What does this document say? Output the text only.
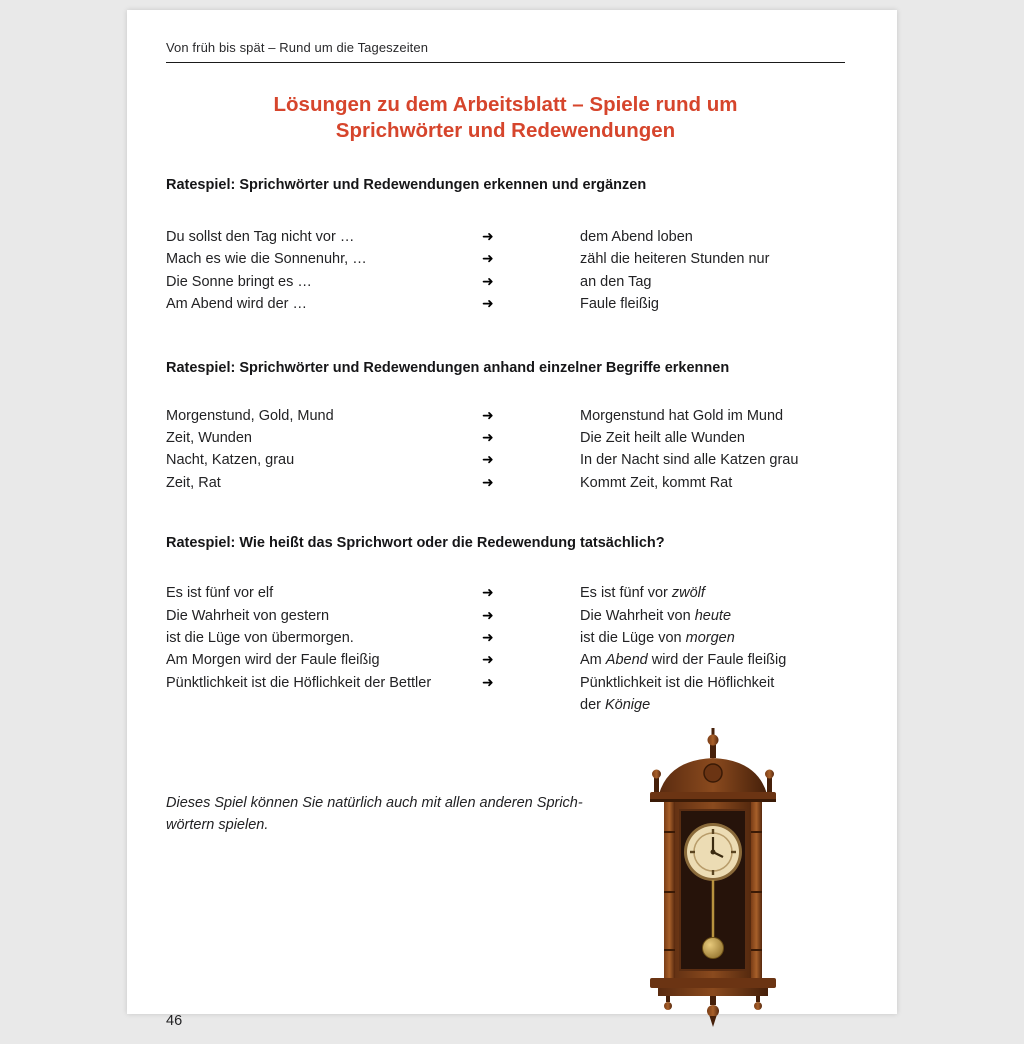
Von früh bis spät – Rund um die Tageszeiten
Lösungen zu dem Arbeitsblatt – Spiele rund um
Sprichwörter und Redewendungen
Ratespiel: Sprichwörter und Redewendungen erkennen und ergänzen
Du sollst den Tag nicht vor …	➜	dem Abend loben
Mach es wie die Sonnenuhr, …	➜	zähl die heiteren Stunden nur
Die Sonne bringt es …	➜	an den Tag
Am Abend wird der …	➜	Faule fleißig
Ratespiel: Sprichwörter und Redewendungen anhand einzelner Begriffe erkennen
Morgenstund, Gold, Mund	➜	Morgenstund hat Gold im Mund
Zeit, Wunden	➜	Die Zeit heilt alle Wunden
Nacht, Katzen, grau	➜	In der Nacht sind alle Katzen grau
Zeit, Rat	➜	Kommt Zeit, kommt Rat
Ratespiel: Wie heißt das Sprichwort oder die Redewendung tatsächlich?
Es ist fünf vor elf	➜	Es ist fünf vor zwölf
Die Wahrheit von gestern	➜	Die Wahrheit von heute
ist die Lüge von übermorgen.	➜	ist die Lüge von morgen
Am Morgen wird der Faule fleißig	➜	Am Abend wird der Faule fleißig
Pünktlichkeit ist die Höflichkeit der Bettler	➜	Pünktlichkeit ist die Höflichkeit
der Könige
Dieses Spiel können Sie natürlich auch mit allen anderen Sprich-
wörtern spielen.
46
